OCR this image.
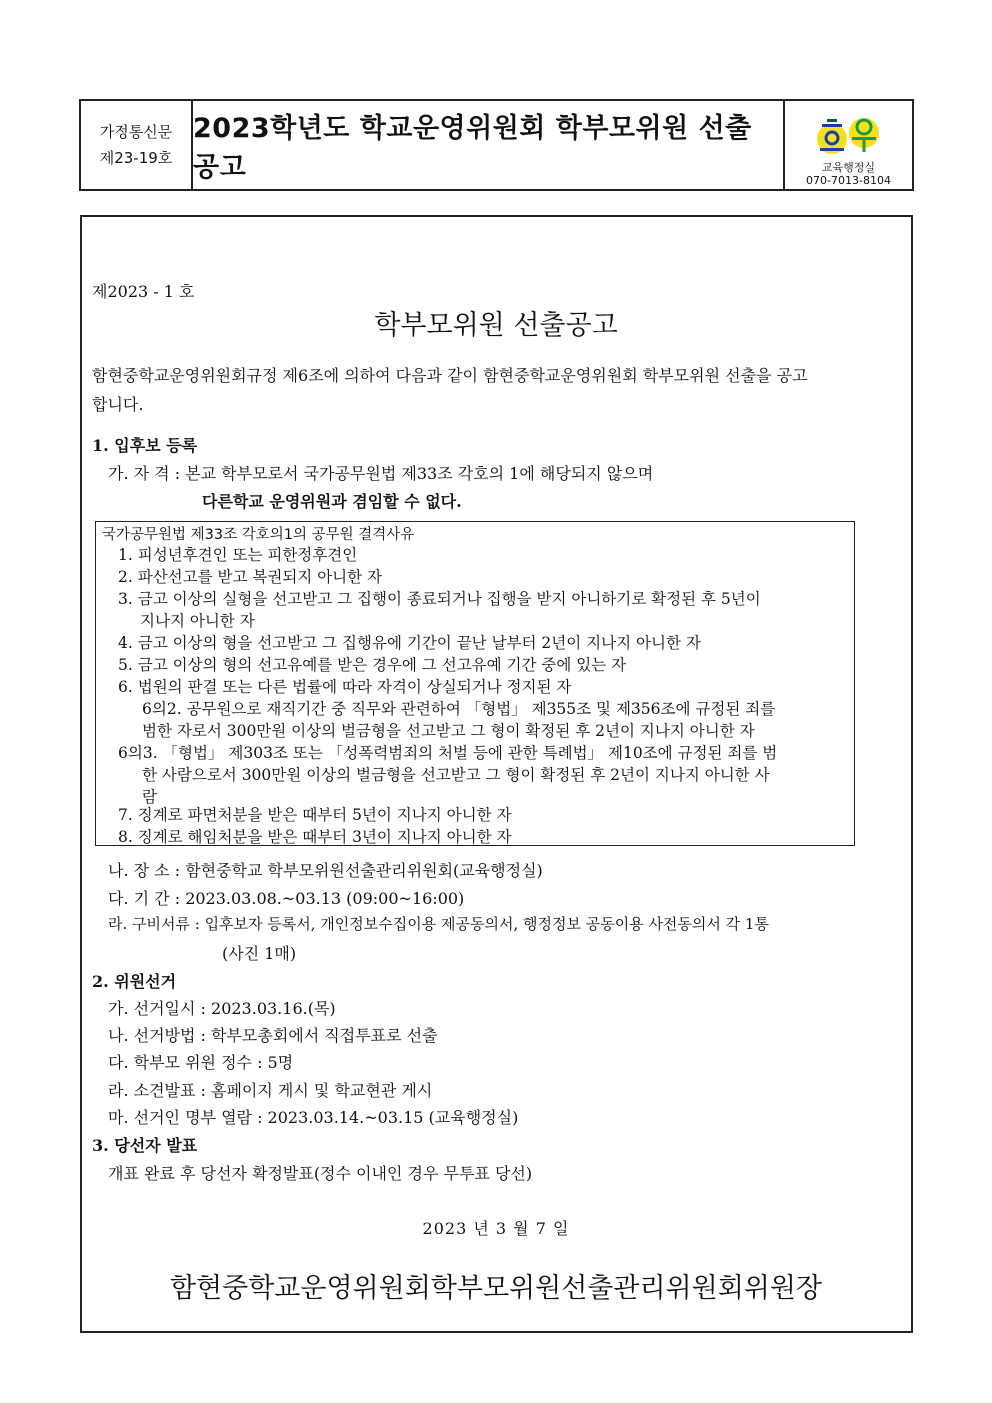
가정통신문
제23-19호
2023학년도 학교운영위원회 학부모위원 선출 공고	교육행정실
070-7013-8104
제2023 - 1 호
학부모위원 선출공고
함현중학교운영위원회규정 제6조에 의하여 다음과 같이 함현중학교운영위원회 학부모위원 선출을 공고
합니다.
1. 입후보 등록
가. 자 격 : 본교 학부모로서 국가공무원법 제33조 각호의 1에 해당되지 않으며
다른학교 운영위원과 겸임할 수 없다.
국가공무원법 제33조 각호의1의 공무원 결격사유
1. 피성년후견인 또는 피한정후견인
2. 파산선고를 받고 복권되지 아니한 자
3. 금고 이상의 실형을 선고받고 그 집행이 종료되거나 집행을 받지 아니하기로 확정된 후 5년이
지나지 아니한 자
4. 금고 이상의 형을 선고받고 그 집행유에 기간이 끝난 날부터 2년이 지나지 아니한 자
5. 금고 이상의 형의 선고유예를 받은 경우에 그 선고유예 기간 중에 있는 자
6. 법원의 판결 또는 다른 법률에 따라 자격이 상실되거나 정지된 자
6의2. 공무원으로 재직기간 중 직무와 관련하여 「형법」 제355조 및 제356조에 규정된 죄를
범한 자로서 300만원 이상의 벌금형을 선고받고 그 형이 확정된 후 2년이 지나지 아니한 자
6의3. 「형법」 제303조 또는 「성폭력범죄의 처벌 등에 관한 특례법」 제10조에 규정된 죄를 범
한 사람으로서 300만원 이상의 벌금형을 선고받고 그 형이 확정된 후 2년이 지나지 아니한 사
람
7. 징계로 파면처분을 받은 때부터 5년이 지나지 아니한 자
8. 징계로 해임처분을 받은 때부터 3년이 지나지 아니한 자
나. 장 소 : 함현중학교 학부모위원선출관리위원회(교육행정실)
다. 기 간 : 2023.03.08.~03.13 (09:00~16:00)
라. 구비서류 : 입후보자 등록서, 개인정보수집이용 제공동의서, 행정정보 공동이용 사전동의서 각 1통
(사진 1매)
2. 위원선거
가. 선거일시 : 2023.03.16.(목)
나. 선거방법 : 학부모총회에서 직접투표로 선출
다. 학부모 위원 정수 : 5명
라. 소견발표 : 홈페이지 게시 및 학교현관 게시
마. 선거인 명부 열람 : 2023.03.14.~03.15 (교육행정실)
3. 당선자 발표
개표 완료 후 당선자 확정발표(정수 이내인 경우 무투표 당선)
2023 년 3 월 7 일
함현중학교운영위원회학부모위원선출관리위원회위원장
